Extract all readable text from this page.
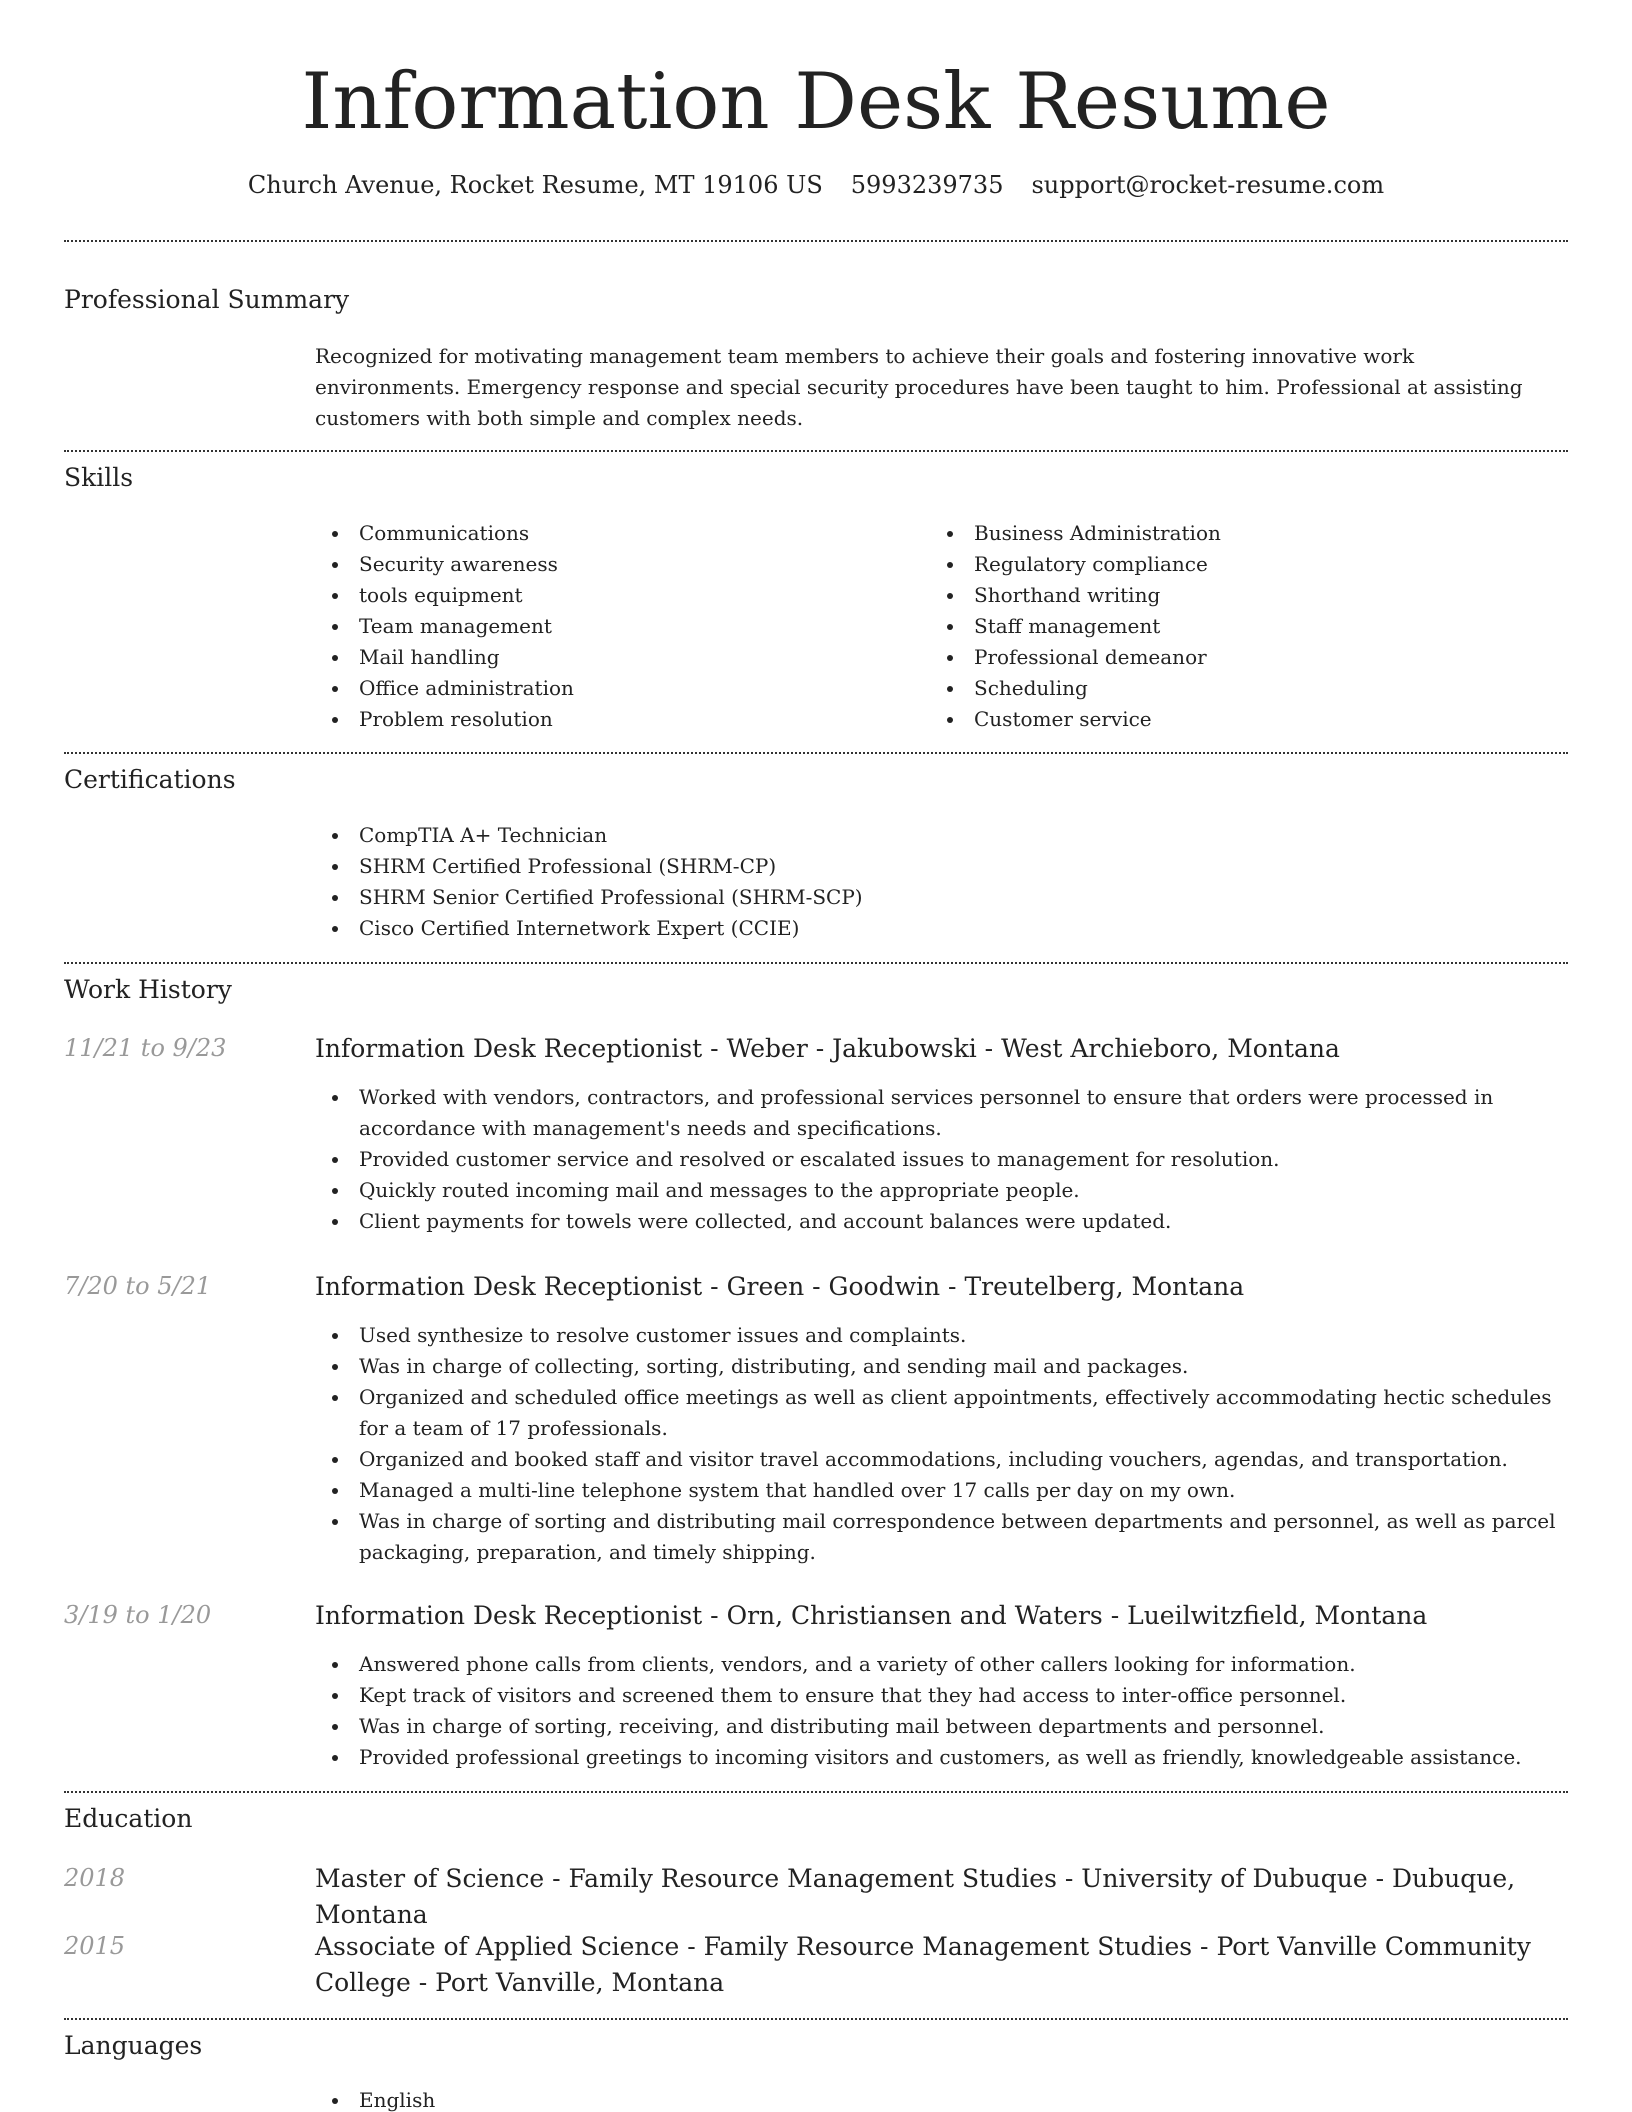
Information Desk Resume
Church Avenue, Rocket Resume, MT 19106 US 5993239735 support@rocket-resume.com
Professional Summary
Recognized for motivating management team members to achieve their goals and fostering innovative work environments. Emergency response and special security procedures have been taught to him. Professional at assisting customers with both simple and complex needs.
Skills
Communications
Security awareness
tools equipment
Team management
Mail handling
Office administration
Problem resolution
Business Administration
Regulatory compliance
Shorthand writing
Staff management
Professional demeanor
Scheduling
Customer service
Certifications
CompTIA A+ Technician
SHRM Certified Professional (SHRM-CP)
SHRM Senior Certified Professional (SHRM-SCP)
Cisco Certified Internetwork Expert (CCIE)
Work History
11/21 to 9/23	Information Desk Receptionist - Weber - Jakubowski - West Archieboro, Montana
Worked with vendors, contractors, and professional services personnel to ensure that orders were processed in accordance with management's needs and specifications.
Provided customer service and resolved or escalated issues to management for resolution.
Quickly routed incoming mail and messages to the appropriate people.
Client payments for towels were collected, and account balances were updated.
7/20 to 5/21	Information Desk Receptionist - Green - Goodwin - Treutelberg, Montana
Used synthesize to resolve customer issues and complaints.
Was in charge of collecting, sorting, distributing, and sending mail and packages.
Organized and scheduled office meetings as well as client appointments, effectively accommodating hectic schedules for a team of 17 professionals.
Organized and booked staff and visitor travel accommodations, including vouchers, agendas, and transportation.
Managed a multi-line telephone system that handled over 17 calls per day on my own.
Was in charge of sorting and distributing mail correspondence between departments and personnel, as well as parcel packaging, preparation, and timely shipping.
3/19 to 1/20	Information Desk Receptionist - Orn, Christiansen and Waters - Lueilwitzfield, Montana
Answered phone calls from clients, vendors, and a variety of other callers looking for information.
Kept track of visitors and screened them to ensure that they had access to inter-office personnel.
Was in charge of sorting, receiving, and distributing mail between departments and personnel.
Provided professional greetings to incoming visitors and customers, as well as friendly, knowledgeable assistance.
Education
2018	Master of Science - Family Resource Management Studies - University of Dubuque - Dubuque, Montana
2015	Associate of Applied Science - Family Resource Management Studies - Port Vanville Community College - Port Vanville, Montana
Languages
English
